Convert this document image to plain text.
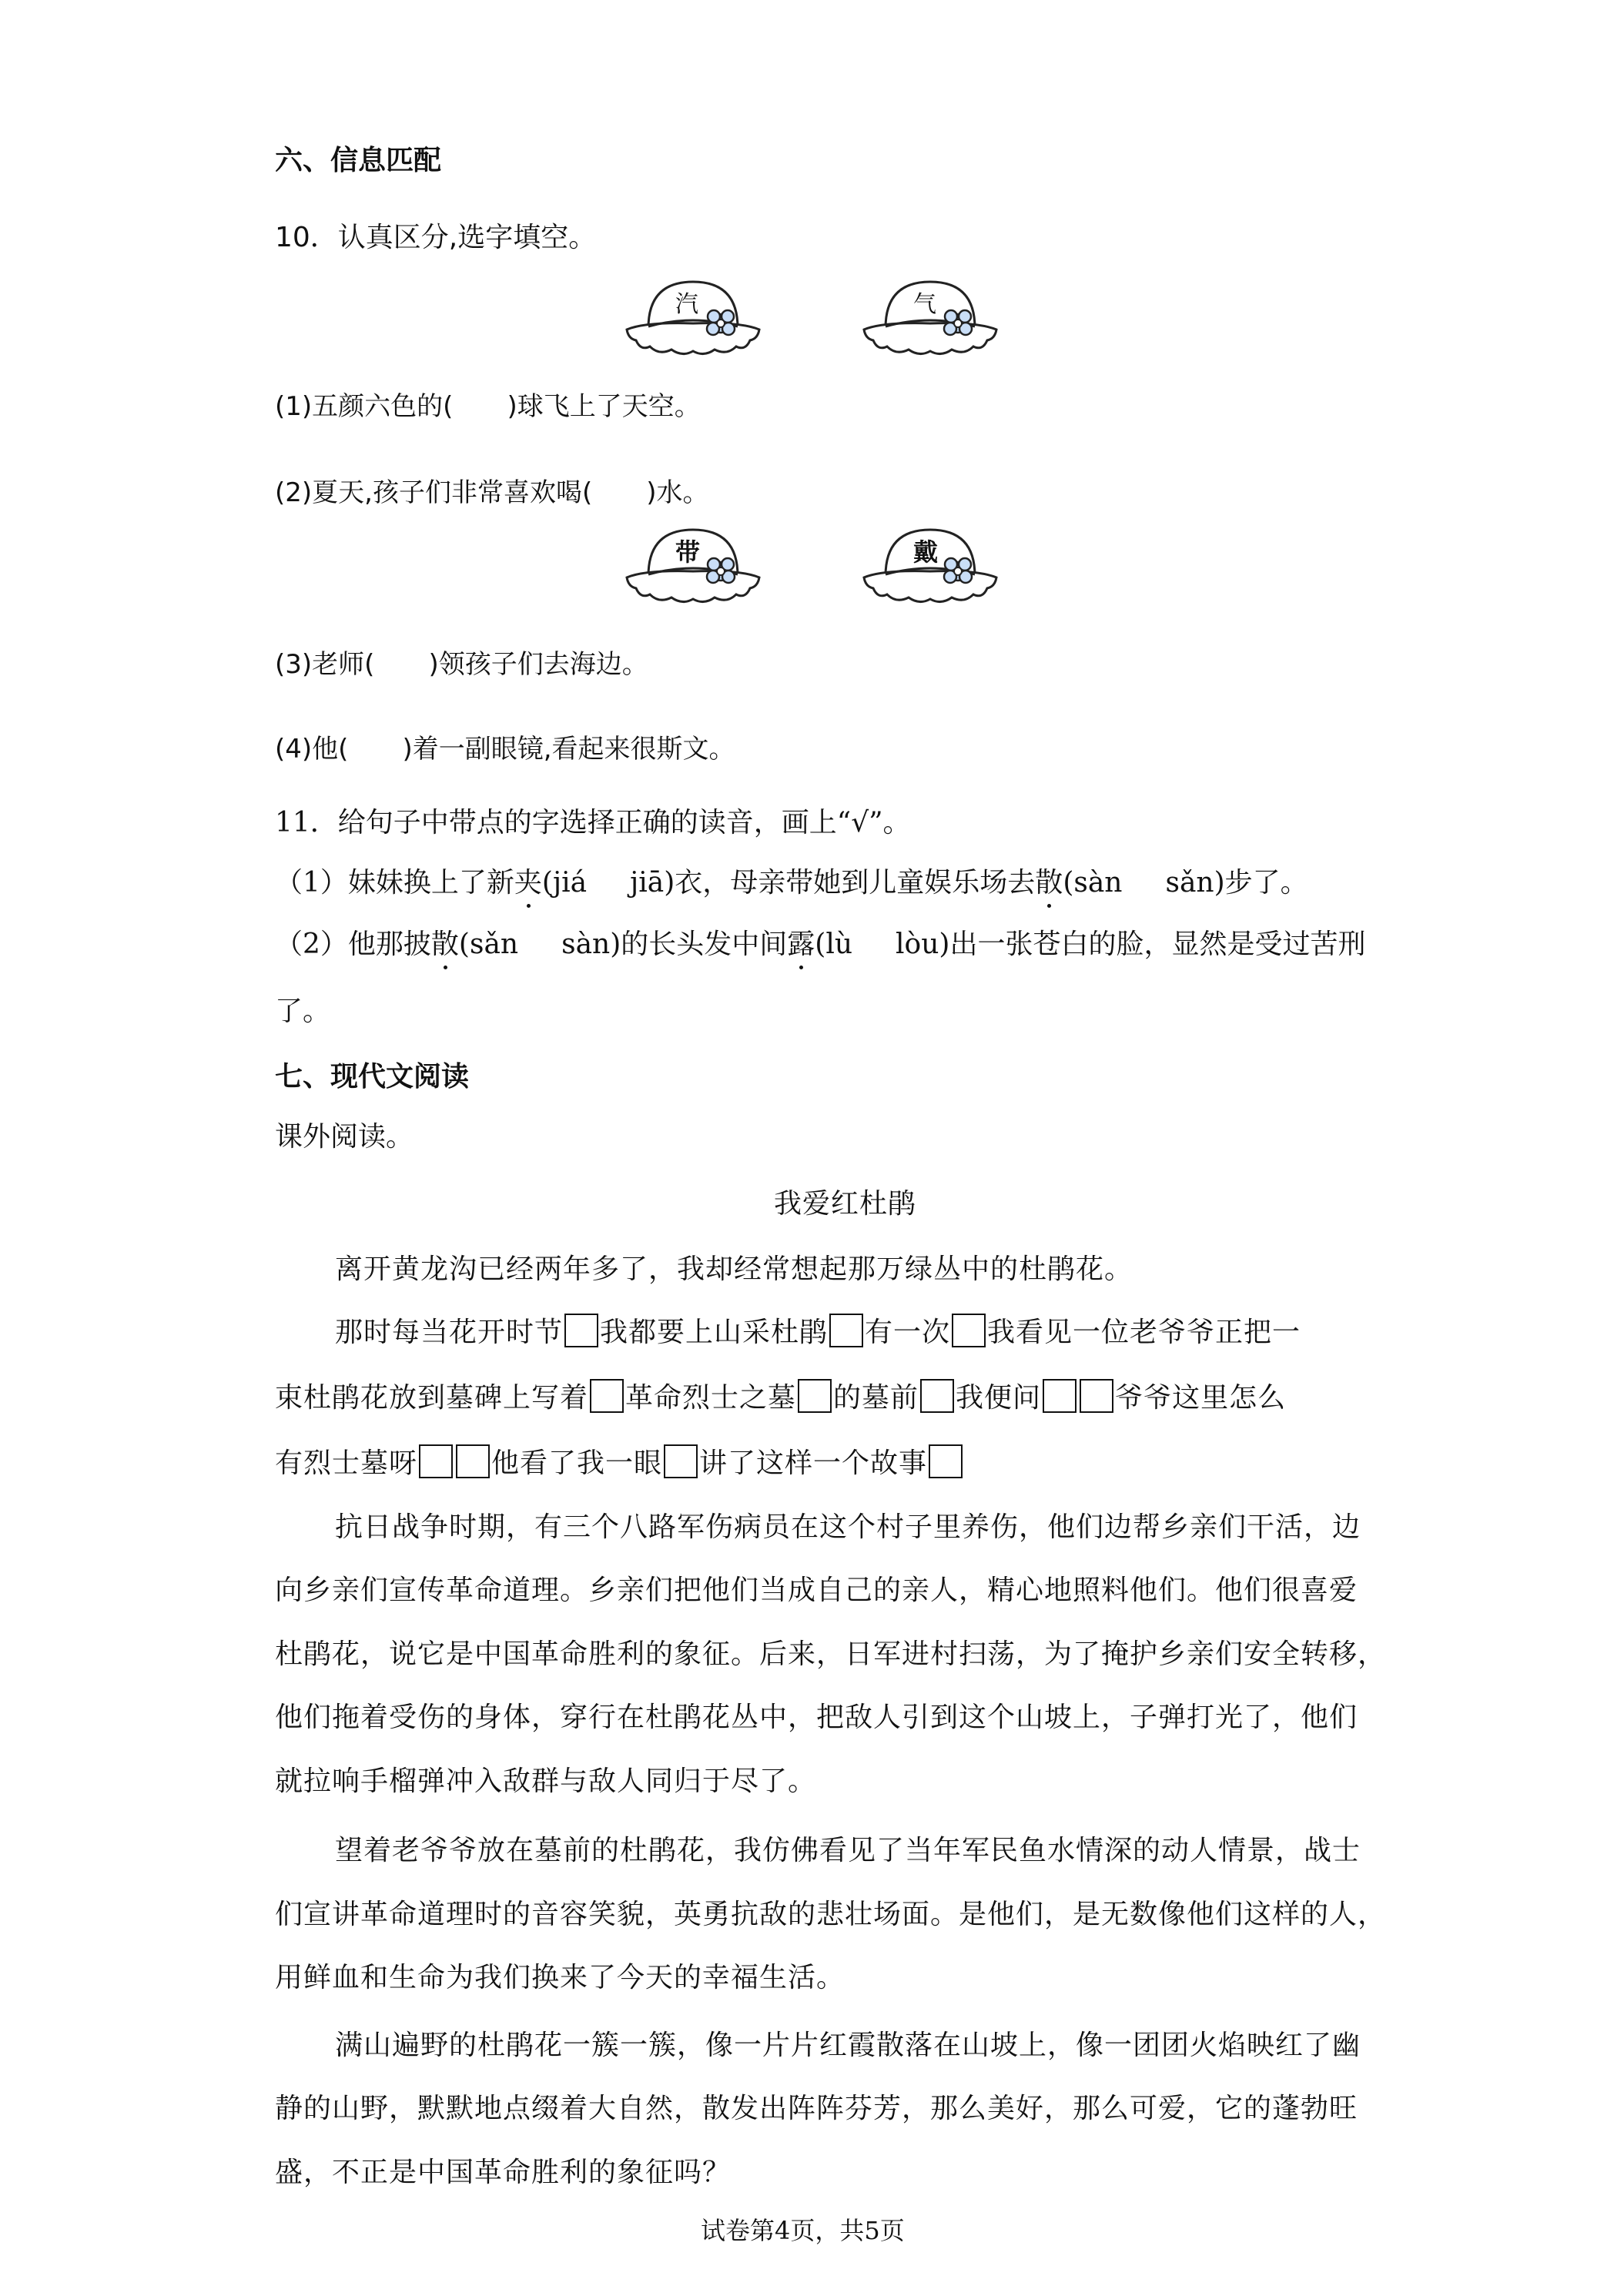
六、信息匹配
10．认真区分,选字填空。
汽	气
(1)五颜六色的( )球飞上了天空。
(2)夏天,孩子们非常喜欢喝( )水。
带	戴
(3)老师( )领孩子们去海边。
(4)他( )着一副眼镜,看起来很斯文。
11．给句子中带点的字选择正确的读音，画上“√”。
（1）妹妹换上了新夹(jiá jiā)衣，母亲带她到儿童娱乐场去散(sàn sǎn)步了。
（2）他那披散(sǎn sàn)的长头发中间露(lù lòu)出一张苍白的脸，显然是受过苦刑
了。
七、现代文阅读
课外阅读。
我爱红杜鹃
离开黄龙沟已经两年多了，我却经常想起那万绿丛中的杜鹃花。
那时每当花开时节 我都要上山采杜鹃 有一次 我看见一位老爷爷正把一
束杜鹃花放到墓碑上写着 革命烈士之墓 的墓前 我便问	爷爷这里怎么
有烈士墓呀	他看了我一眼 讲了这样一个故事
抗日战争时期，有三个八路军伤病员在这个村子里养伤，他们边帮乡亲们干活，边
向乡亲们宣传革命道理。乡亲们把他们当成自己的亲人，精心地照料他们。他们很喜爱
杜鹃花，说它是中国革命胜利的象征。后来，日军进村扫荡，为了掩护乡亲们安全转移，
他们拖着受伤的身体，穿行在杜鹃花丛中，把敌人引到这个山坡上，子弹打光了，他们
就拉响手榴弹冲入敌群与敌人同归于尽了。
望着老爷爷放在墓前的杜鹃花，我仿佛看见了当年军民鱼水情深的动人情景，战士
们宣讲革命道理时的音容笑貌，英勇抗敌的悲壮场面。是他们，是无数像他们这样的人，
用鲜血和生命为我们换来了今天的幸福生活。
满山遍野的杜鹃花一簇一簇，像一片片红霞散落在山坡上，像一团团火焰映红了幽
静的山野，默默地点缀着大自然，散发出阵阵芬芳，那么美好，那么可爱，它的蓬勃旺
盛，不正是中国革命胜利的象征吗？
试卷第4页，共5页
